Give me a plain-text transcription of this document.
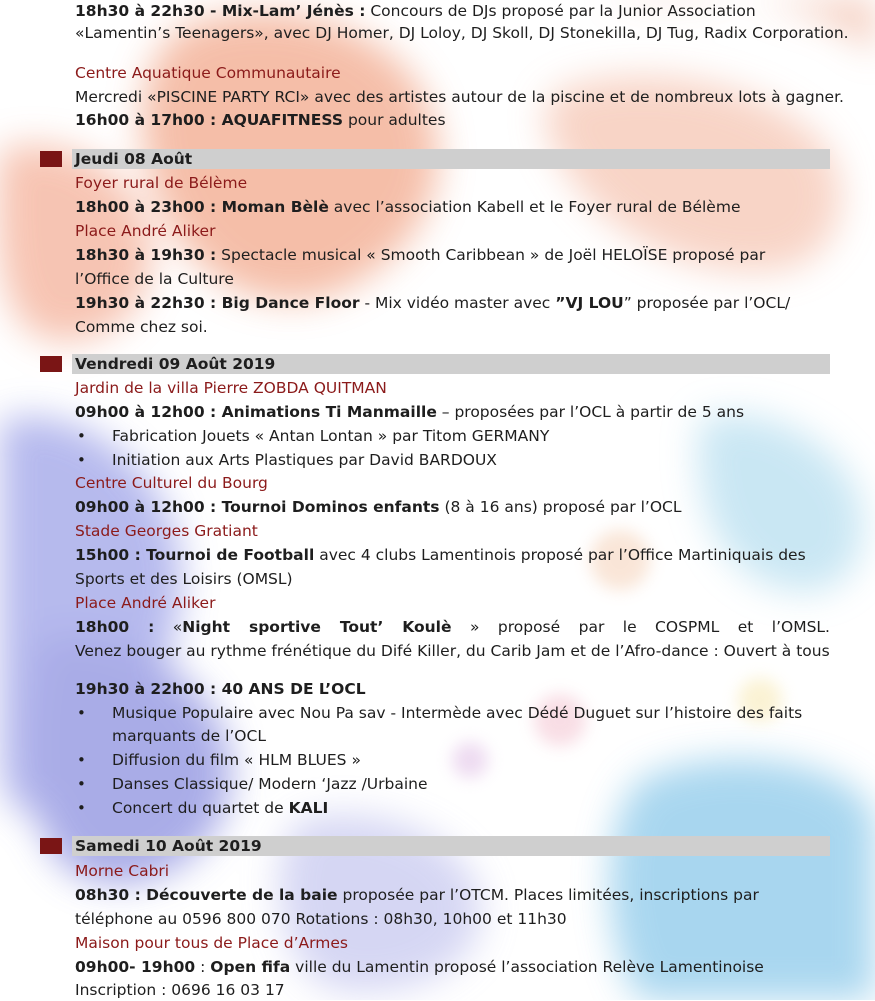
18h30 à 22h30 - Mix-Lam’ Jénès : Concours de DJs proposé par la Junior Association
«Lamentin’s Teenagers», avec DJ Homer, DJ Loloy, DJ Skoll, DJ Stonekilla, DJ Tug, Radix Corporation.
Centre Aquatique Communautaire
Mercredi «PISCINE PARTY RCI» avec des artistes autour de la piscine et de nombreux lots à gagner.
16h00 à 17h00 : AQUAFITNESS pour adultes
Jeudi 08 Août
Foyer rural de Bélème
18h00 à 23h00 : Moman Bèlè avec l’association Kabell et le Foyer rural de Bélème
Place André Aliker
18h30 à 19h30 : Spectacle musical « Smooth Caribbean » de Joël HELOÏSE proposé par
l’Office de la Culture
19h30 à 22h30 : Big Dance Floor - Mix vidéo master avec ”VJ LOU” proposée par l’OCL/
Comme chez soi.
Vendredi 09 Août 2019
Jardin de la villa Pierre ZOBDA QUITMAN
09h00 à 12h00 : Animations Ti Manmaille – proposées par l’OCL à partir de 5 ans
• Fabrication Jouets « Antan Lontan » par Titom GERMANY
• Initiation aux Arts Plastiques par David BARDOUX
Centre Culturel du Bourg
09h00 à 12h00 : Tournoi Dominos enfants (8 à 16 ans) proposé par l’OCL
Stade Georges Gratiant
15h00 : Tournoi de Football avec 4 clubs Lamentinois proposé par l’Office Martiniquais des
Sports et des Loisirs (OMSL)
Place André Aliker
18h00 : «Night sportive Tout’ Koulè » proposé par le COSPML et l’OMSL.
Venez bouger au rythme frénétique du Difé Killer, du Carib Jam et de l’Afro-dance : Ouvert à tous
19h30 à 22h00 : 40 ANS DE L’OCL
• Musique Populaire avec Nou Pa sav - Intermède avec Dédé Duguet sur l’histoire des faits
marquants de l’OCL
• Diffusion du film « HLM BLUES »
• Danses Classique/ Modern ‘Jazz /Urbaine
• Concert du quartet de KALI
Samedi 10 Août 2019
Morne Cabri
08h30 : Découverte de la baie proposée par l’OTCM. Places limitées, inscriptions par
téléphone au 0596 800 070 Rotations : 08h30, 10h00 et 11h30
Maison pour tous de Place d’Armes
09h00- 19h00 : Open fifa ville du Lamentin proposé l’association Relève Lamentinoise
Inscription : 0696 16 03 17
